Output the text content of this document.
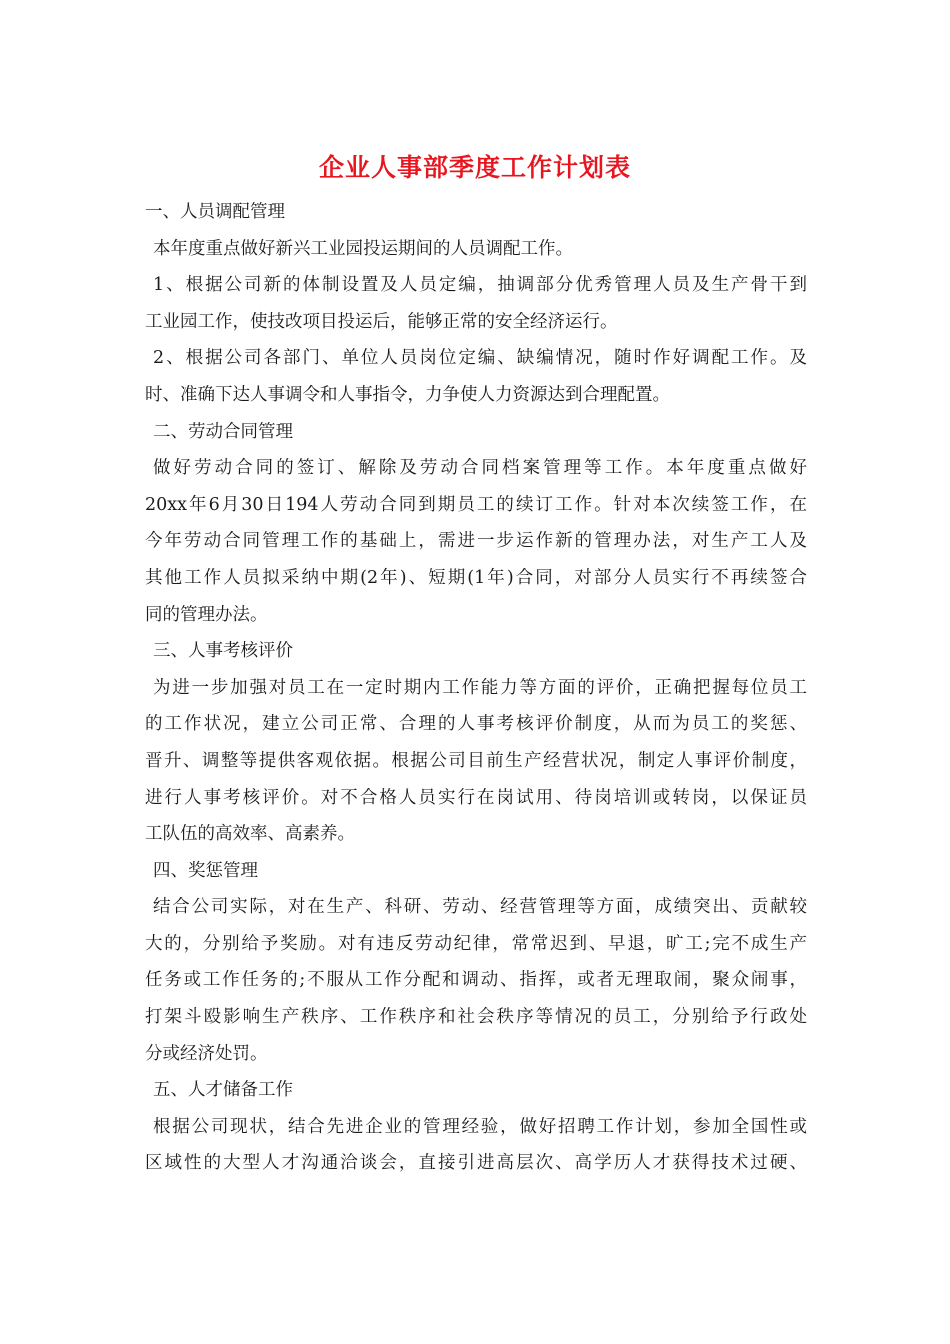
企业人事部季度工作计划表
一、人员调配管理
本年度重点做好新兴工业园投运期间的人员调配工作。
1、根据公司新的体制设置及人员定编，抽调部分优秀管理人员及生产骨干到
工业园工作，使技改项目投运后，能够正常的安全经济运行。
2、根据公司各部门、单位人员岗位定编、缺编情况，随时作好调配工作。及
时、准确下达人事调令和人事指令，力争使人力资源达到合理配置。
二、劳动合同管理
做好劳动合同的签订、解除及劳动合同档案管理等工作。本年度重点做好
20xx年6月30日194人劳动合同到期员工的续订工作。针对本次续签工作，在
今年劳动合同管理工作的基础上，需进一步运作新的管理办法，对生产工人及
其他工作人员拟采纳中期(2年)、短期(1年)合同，对部分人员实行不再续签合
同的管理办法。
三、人事考核评价
为进一步加强对员工在一定时期内工作能力等方面的评价，正确把握每位员工
的工作状况，建立公司正常、合理的人事考核评价制度，从而为员工的奖惩、
晋升、调整等提供客观依据。根据公司目前生产经营状况，制定人事评价制度，
进行人事考核评价。对不合格人员实行在岗试用、待岗培训或转岗，以保证员
工队伍的高效率、高素养。
四、奖惩管理
结合公司实际，对在生产、科研、劳动、经营管理等方面，成绩突出、贡献较
大的，分别给予奖励。对有违反劳动纪律，常常迟到、早退，旷工;完不成生产
任务或工作任务的;不服从工作分配和调动、指挥，或者无理取闹，聚众闹事，
打架斗殴影响生产秩序、工作秩序和社会秩序等情况的员工，分别给予行政处
分或经济处罚。
五、人才储备工作
根据公司现状，结合先进企业的管理经验，做好招聘工作计划，参加全国性或
区域性的大型人才沟通洽谈会，直接引进高层次、高学历人才获得技术过硬、
